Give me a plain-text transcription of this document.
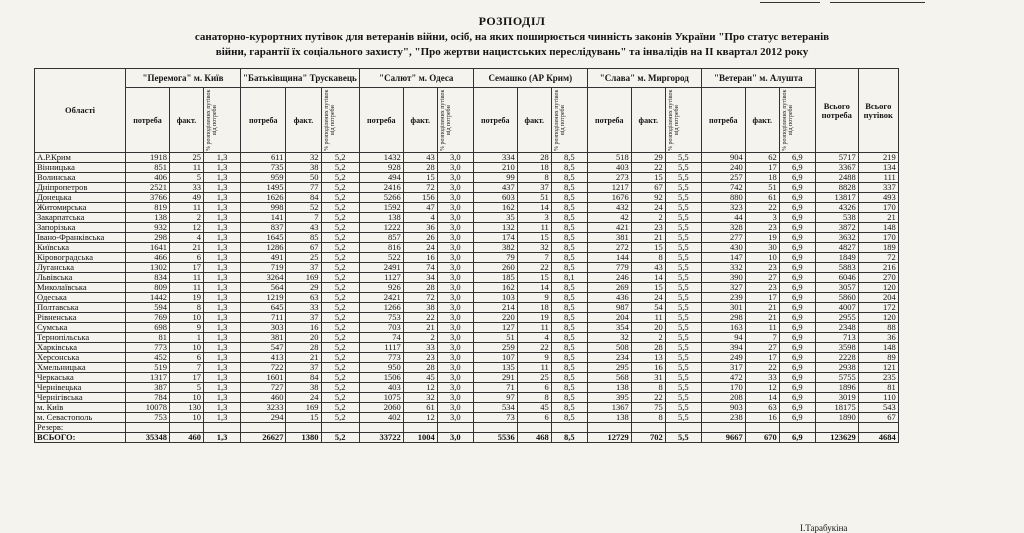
РОЗПОДІЛ
санаторно-курортних путівок для ветеранів війни, осіб, на яких поширюється чинність законів України "Про статус ветеранів війни, гарантії їх соціального захисту", "Про жертви нацистських переслідувань" та інвалідів на ІІ квартал 2012 року
Області	"Перемога" м. Київ			"Батьківщина" Трускавець			"Салют" м. Одеса			Семашко (АР Крим)			"Слава" м. Миргород			"Ветеран" м. Алушта			Всього потреба	Всього путівок
	потреба	факт.	% розподілених путівок від потреби	потреба	факт.	% розподілених путівок від потреби	потреба	факт.	% розподілених путівок від потреби	потреба	факт.	% розподілених путівок від потреби	потреба	факт.	% розподілених путівок від потреби	потреба	факт.	% розподілених путівок від потреби		

А.Р.Крим	1918	25	1,3	611	32	5,2	1432	43	3,0	334	28	8,5	518	29	5,5	904	62	6,9	5717	219
Вінницька	851	11	1,3	735	38	5,2	928	28	3,0	210	18	8,5	403	22	5,5	240	17	6,9	3367	134
Волинська	406	5	1,3	959	50	5,2	494	15	3,0	99	8	8,5	273	15	5,5	257	18	6,9	2488	111
Дніпропетров	2521	33	1,3	1495	77	5,2	2416	72	3,0	437	37	8,5	1217	67	5,5	742	51	6,9	8828	337
Донецька	3766	49	1,3	1626	84	5,2	5266	156	3,0	603	51	8,5	1676	92	5,5	880	61	6,9	13817	493
Житомирська	819	11	1,3	998	52	5,2	1592	47	3,0	162	14	8,5	432	24	5,5	323	22	6,9	4326	170
Закарпатська	138	2	1,3	141	7	5,2	138	4	3,0	35	3	8,5	42	2	5,5	44	3	6,9	538	21
Запорізька	932	12	1,3	837	43	5,2	1222	36	3,0	132	11	8,5	421	23	5,5	328	23	6,9	3872	148
Івано-Франківська	298	4	1,3	1645	85	5,2	857	26	3,0	174	15	8,5	381	21	5,5	277	19	6,9	3632	170
Київська	1641	21	1,3	1286	67	5,2	816	24	3,0	382	32	8,5	272	15	5,5	430	30	6,9	4827	189
Кіровоградська	466	6	1,3	491	25	5,2	522	16	3,0	79	7	8,5	144	8	5,5	147	10	6,9	1849	72
Луганська	1302	17	1,3	719	37	5,2	2491	74	3,0	260	22	8,5	779	43	5,5	332	23	6,9	5883	216
Львівська	834	11	1,3	3264	169	5,2	1127	34	3,0	185	15	8,1	246	14	5,5	390	27	6,9	6046	270
Миколаївська	809	11	1,3	564	29	5,2	926	28	3,0	162	14	8,5	269	15	5,5	327	23	6,9	3057	120
Одеська	1442	19	1,3	1219	63	5,2	2421	72	3,0	103	9	8,5	436	24	5,5	239	17	6,9	5860	204
Полтавська	594	8	1,3	645	33	5,2	1266	38	3,0	214	18	8,5	987	54	5,5	301	21	6,9	4007	172
Рівненська	769	10	1,3	711	37	5,2	753	22	3,0	220	19	8,5	204	11	5,5	298	21	6,9	2955	120
Сумська	698	9	1,3	303	16	5,2	703	21	3,0	127	11	8,5	354	20	5,5	163	11	6,9	2348	88
Тернопільська	81	1	1,3	381	20	5,2	74	2	3,0	51	4	8,5	32	2	5,5	94	7	6,9	713	36
Харківська	773	10	1,3	547	28	5,2	1117	33	3,0	259	22	8,5	508	28	5,5	394	27	6,9	3598	148
Херсонська	452	6	1,3	413	21	5,2	773	23	3,0	107	9	8,5	234	13	5,5	249	17	6,9	2228	89
Хмельницька	519	7	1,3	722	37	5,2	950	28	3,0	135	11	8,5	295	16	5,5	317	22	6,9	2938	121
Черкаська	1317	17	1,3	1601	84	5,2	1506	45	3,0	291	25	8,5	568	31	5,5	472	33	6,9	5755	235
Чернівецька	387	5	1,3	727	38	5,2	403	12	3,0	71	6	8,5	138	8	5,5	170	12	6,9	1896	81
Чернігівська	784	10	1,3	460	24	5,2	1075	32	3,0	97	8	8,5	395	22	5,5	208	14	6,9	3019	110
м. Київ	10078	130	1,3	3233	169	5,2	2060	61	3,0	534	45	8,5	1367	75	5,5	903	63	6,9	18175	543
м. Севастополь	753	10	1,3	294	15	5,2	402	12	3,0	73	6	8,5	138	8	5,5	238	16	6,9	1890	67
Резерв:																				
ВСЬОГО:	35348	460	1,3	26627	1380	5,2	33722	1004	3,0	5536	468	8,5	12729	702	5,5	9667	670	6,9	123629	4684
І.Тарабукіна
